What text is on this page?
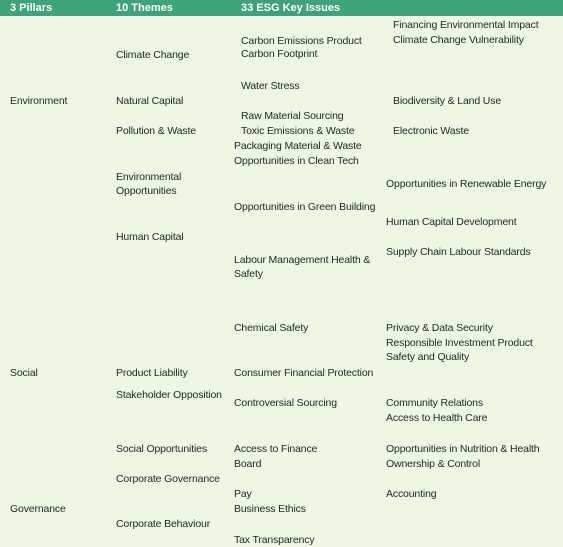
3 Pillars	10 Themes	33 ESG Key Issues
Environment
Social
Governance
Climate Change
Natural Capital
Pollution & Waste
Environmental Opportunities
Human Capital
Product Liability
Stakeholder Opposition
Social Opportunities
Corporate Governance
Corporate Behaviour
Carbon Emissions Product
Carbon Footprint
Water Stress
Raw Material Sourcing
Toxic Emissions & Waste
Packaging Material & Waste
Opportunities in Clean Tech
Opportunities in Green Building
Labour Management Health & Safety
Chemical Safety
Consumer Financial Protection
Controversial Sourcing
Access to Finance
Board
Pay
Business Ethics
Tax Transparency
Financing Environmental Impact
Climate Change Vulnerability
Biodiversity & Land Use
Electronic Waste
Opportunities in Renewable Energy
Human Capital Development
Supply Chain Labour Standards
Privacy & Data Security
Responsible Investment Product Safety and Quality
Community Relations
Access to Health Care
Opportunities in Nutrition & Health
Ownership & Control
Accounting
